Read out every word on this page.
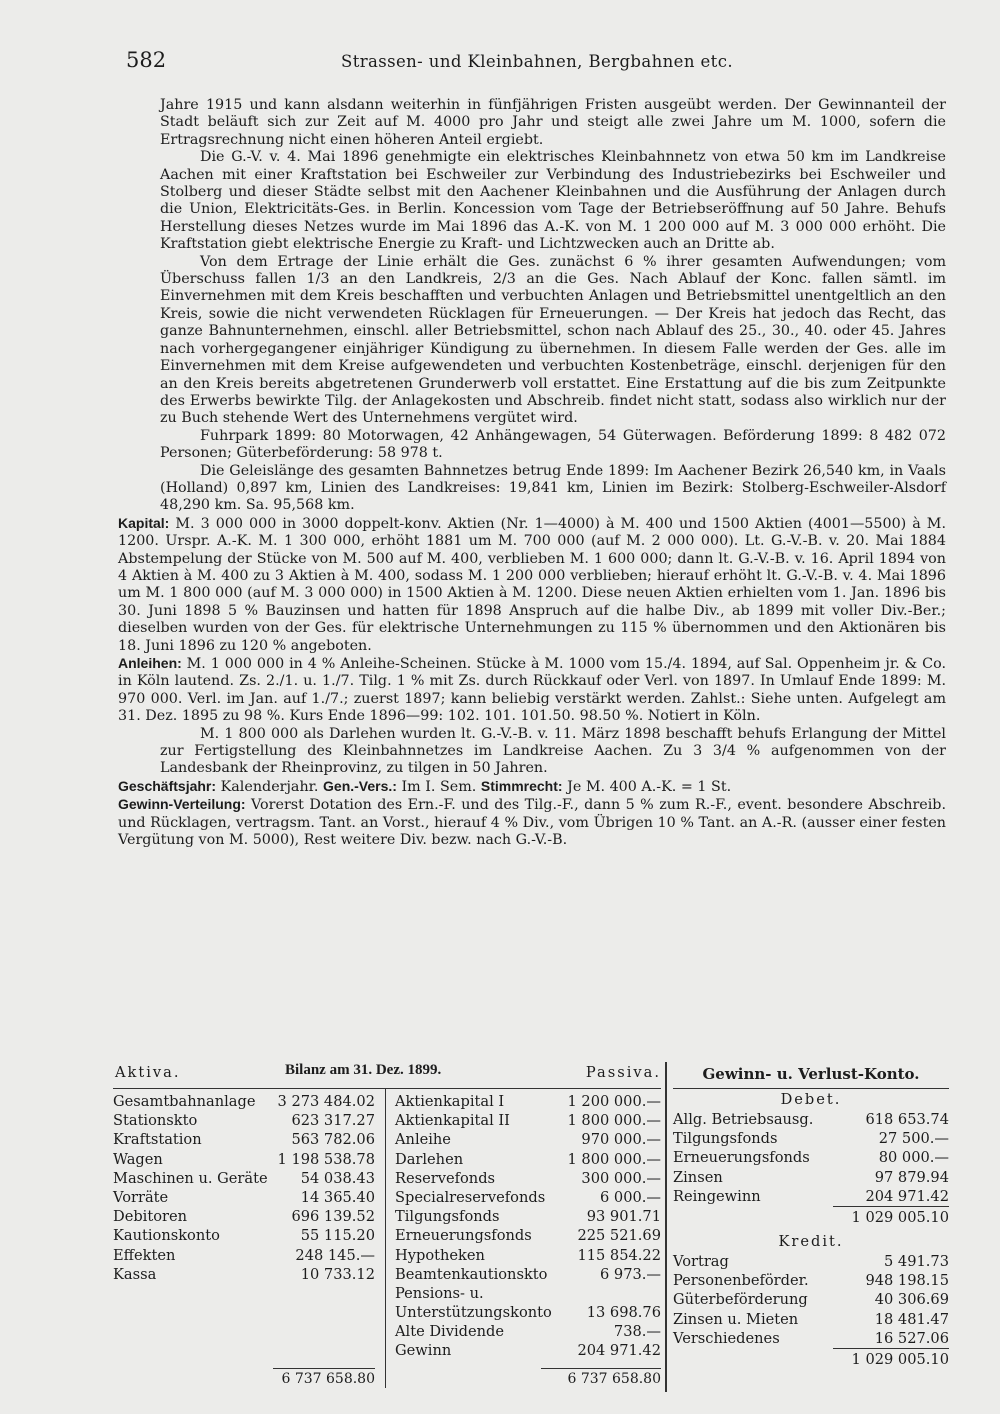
582	Strassen- und Kleinbahnen, Bergbahnen etc.

Jahre 1915 und kann alsdann weiterhin in fünfjährigen Fristen ausgeübt werden. Der Gewinnanteil der Stadt beläuft sich zur Zeit auf M. 4000 pro Jahr und steigt alle zwei Jahre um M. 1000, sofern die Ertragsrechnung nicht einen höheren Anteil ergiebt.

Die G.-V. v. 4. Mai 1896 genehmigte ein elektrisches Kleinbahnnetz von etwa 50 km im Landkreise Aachen mit einer Kraftstation bei Eschweiler zur Verbindung des Industriebezirks bei Eschweiler und Stolberg und dieser Städte selbst mit den Aachener Kleinbahnen und die Ausführung der Anlagen durch die Union, Elektricitäts-Ges. in Berlin. Koncession vom Tage der Betriebseröffnung auf 50 Jahre. Behufs Herstellung dieses Netzes wurde im Mai 1896 das A.-K. von M. 1 200 000 auf M. 3 000 000 erhöht. Die Kraftstation giebt elektrische Energie zu Kraft- und Lichtzwecken auch an Dritte ab.

Von dem Ertrage der Linie erhält die Ges. zunächst 6 % ihrer gesamten Aufwendungen; vom Überschuss fallen 1/3 an den Landkreis, 2/3 an die Ges. Nach Ablauf der Konc. fallen sämtl. im Einvernehmen mit dem Kreis beschafften und verbuchten Anlagen und Betriebsmittel unentgeltlich an den Kreis, sowie die nicht verwendeten Rücklagen für Erneuerungen. — Der Kreis hat jedoch das Recht, das ganze Bahnunternehmen, einschl. aller Betriebsmittel, schon nach Ablauf des 25., 30., 40. oder 45. Jahres nach vorhergegangener einjähriger Kündigung zu übernehmen. In diesem Falle werden der Ges. alle im Einvernehmen mit dem Kreise aufgewendeten und verbuchten Kostenbeträge, einschl. derjenigen für den an den Kreis bereits abgetretenen Grunderwerb voll erstattet. Eine Erstattung auf die bis zum Zeitpunkte des Erwerbs bewirkte Tilg. der Anlagekosten und Abschreib. findet nicht statt, sodass also wirklich nur der zu Buch stehende Wert des Unternehmens vergütet wird.

Fuhrpark 1899: 80 Motorwagen, 42 Anhängewagen, 54 Güterwagen. Beförderung 1899: 8 482 072 Personen; Güterbeförderung: 58 978 t.

Die Geleislänge des gesamten Bahnnetzes betrug Ende 1899: Im Aachener Bezirk 26,540 km, in Vaals (Holland) 0,897 km, Linien des Landkreises: 19,841 km, Linien im Bezirk: Stolberg-Eschweiler-Alsdorf 48,290 km. Sa. 95,568 km.

Kapital: M. 3 000 000 in 3000 doppelt-konv. Aktien (Nr. 1—4000) à M. 400 und 1500 Aktien (4001—5500) à M. 1200. Urspr. A.-K. M. 1 300 000, erhöht 1881 um M. 700 000 (auf M. 2 000 000). Lt. G.-V.-B. v. 20. Mai 1884 Abstempelung der Stücke von M. 500 auf M. 400, verblieben M. 1 600 000; dann lt. G.-V.-B. v. 16. April 1894 von 4 Aktien à M. 400 zu 3 Aktien à M. 400, sodass M. 1 200 000 verblieben; hierauf erhöht lt. G.-V.-B. v. 4. Mai 1896 um M. 1 800 000 (auf M. 3 000 000) in 1500 Aktien à M. 1200. Diese neuen Aktien erhielten vom 1. Jan. 1896 bis 30. Juni 1898 5 % Bauzinsen und hatten für 1898 Anspruch auf die halbe Div., ab 1899 mit voller Div.-Ber.; dieselben wurden von der Ges. für elektrische Unternehmungen zu 115 % übernommen und den Aktionären bis 18. Juni 1896 zu 120 % angeboten.

Anleihen: M. 1 000 000 in 4 % Anleihe-Scheinen. Stücke à M. 1000 vom 15./4. 1894, auf Sal. Oppenheim jr. & Co. in Köln lautend. Zs. 2./1. u. 1./7. Tilg. 1 % mit Zs. durch Rückkauf oder Verl. von 1897. In Umlauf Ende 1899: M. 970 000. Verl. im Jan. auf 1./7.; zuerst 1897; kann beliebig verstärkt werden. Zahlst.: Siehe unten. Aufgelegt am 31. Dez. 1895 zu 98 %. Kurs Ende 1896—99: 102. 101. 101.50. 98.50 %. Notiert in Köln.

M. 1 800 000 als Darlehen wurden lt. G.-V.-B. v. 11. März 1898 beschafft behufs Erlangung der Mittel zur Fertigstellung des Kleinbahnnetzes im Landkreise Aachen. Zu 3 3/4 % aufgenommen von der Landesbank der Rheinprovinz, zu tilgen in 50 Jahren.

Geschäftsjahr: Kalenderjahr. Gen.-Vers.: Im I. Sem. Stimmrecht: Je M. 400 A.-K. = 1 St.

Gewinn-Verteilung: Vorerst Dotation des Ern.-F. und des Tilg.-F., dann 5 % zum R.-F., event. besondere Abschreib. und Rücklagen, vertragsm. Tant. an Vorst., hierauf 4 % Div., vom Übrigen 10 % Tant. an A.-R. (ausser einer festen Vergütung von M. 5000), Rest weitere Div. bezw. nach G.-V.-B.

Aktiva.	Bilanz am 31. Dez. 1899.	Passiva.
Gesamtbahnanlage 3 273 484.02
Stationskto	623 317.27
Kraftstation	563 782.06
Wagen	1 198 538.78
Maschinen u. Geräte 54 038.43
Vorräte	14 365.40
Debitoren	696 139.52
Kautionskonto	55 115.20
Effekten	248 145.—
Kassa	10 733.12
Aktienkapital I	1 200 000.—
Aktienkapital II	1 800 000.—
Anleihe	970 000.—
Darlehen	1 800 000.—
Reservefonds	300 000.—
Specialreservefonds	6 000.—
Tilgungsfonds	93 901.71
Erneuerungsfonds	225 521.69
Hypotheken	115 854.22
Beamtenkautionskto	6 973.—
Pensions- u. Unterstützungskonto 13 698.76
Alte Dividende	738.—
Gewinn	204 971.42
6 737 658.80	6 737 658.80
Gewinn- u. Verlust-Konto.
Debet.
Allg. Betriebsausg.	618 653.74
Tilgungsfonds	27 500.—
Erneuerungsfonds	80 000.—
Zinsen	97 879.94
Reingewinn	204 971.42
1 029 005.10
Kredit.
Vortrag	5 491.73
Personenbeförder.	948 198.15
Güterbeförderung	40 306.69
Zinsen u. Mieten	18 481.47
Verschiedenes	16 527.06
1 029 005.10
